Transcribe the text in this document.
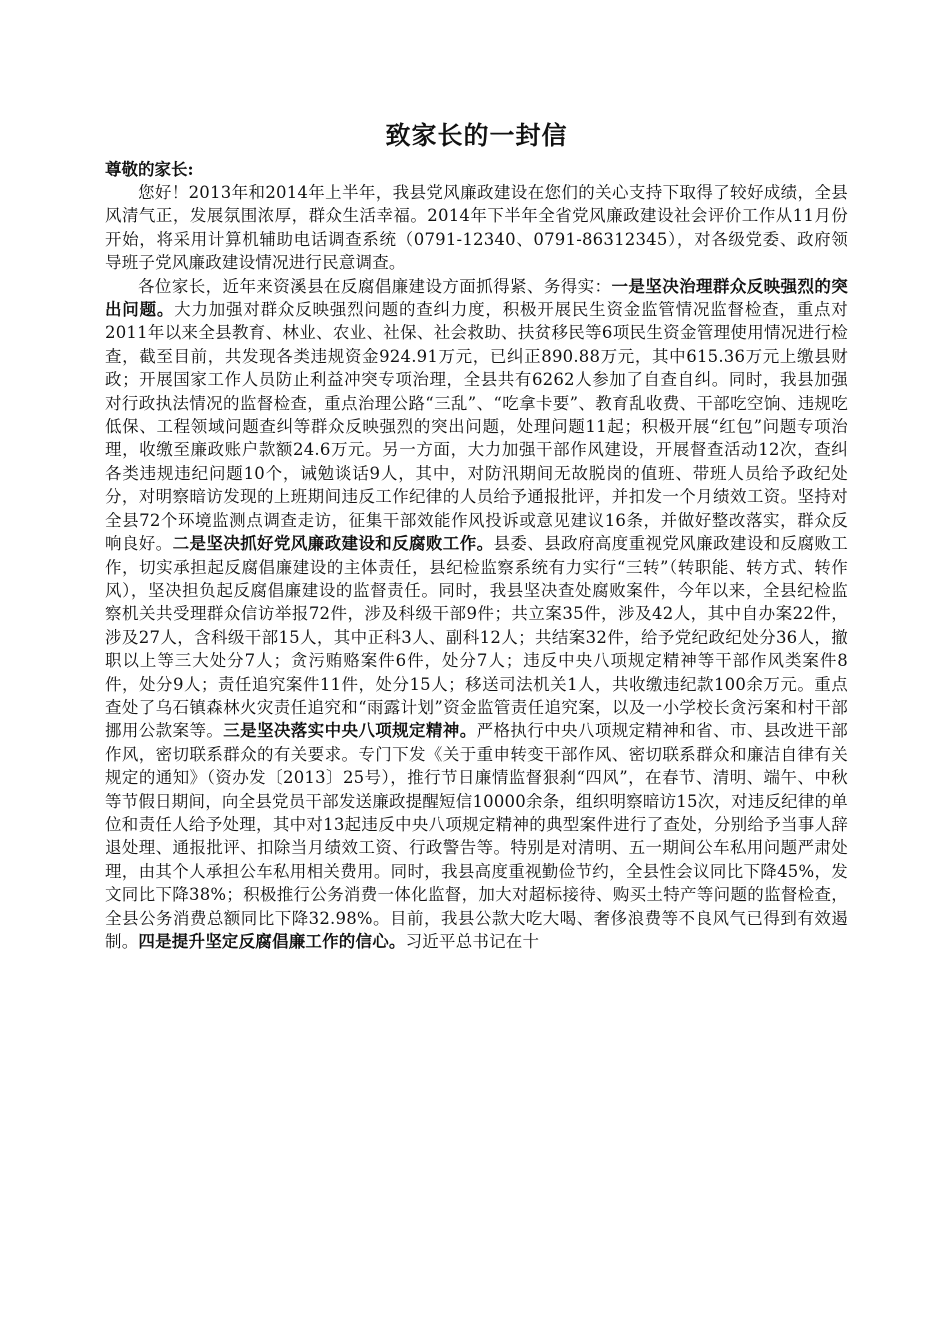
致家长的一封信

尊敬的家长:

您好！2013年和2014年上半年，我县党风廉政建设在您们的关心支持下取得了较好成绩，全县风清气正，发展氛围浓厚，群众生活幸福。2014年下半年全省党风廉政建设社会评价工作从11月份开始，将采用计算机辅助电话调查系统（0791-12340、0791-86312345），对各级党委、政府领导班子党风廉政建设情况进行民意调查。

各位家长，近年来资溪县在反腐倡廉建设方面抓得紧、务得实：一是坚决治理群众反映强烈的突出问题。大力加强对群众反映强烈问题的查纠力度，积极开展民生资金监管情况监督检查，重点对2011年以来全县教育、林业、农业、社保、社会救助、扶贫移民等6项民生资金管理使用情况进行检查，截至目前，共发现各类违规资金924.91万元，已纠正890.88万元，其中615.36万元上缴县财政；开展国家工作人员防止利益冲突专项治理，全县共有6262人参加了自查自纠。同时，我县加强对行政执法情况的监督检查，重点治理公路“三乱”、“吃拿卡要”、教育乱收费、干部吃空饷、违规吃低保、工程领域问题查纠等群众反映强烈的突出问题，处理问题11起；积极开展“红包”问题专项治理，收缴至廉政账户款额24.6万元。另一方面，大力加强干部作风建设，开展督查活动12次，查纠各类违规违纪问题10个，诫勉谈话9人，其中，对防汛期间无故脱岗的值班、带班人员给予政纪处分，对明察暗访发现的上班期间违反工作纪律的人员给予通报批评，并扣发一个月绩效工资。坚持对全县72个环境监测点调查走访，征集干部效能作风投诉或意见建议16条，并做好整改落实，群众反响良好。二是坚决抓好党风廉政建设和反腐败工作。县委、县政府高度重视党风廉政建设和反腐败工作，切实承担起反腐倡廉建设的主体责任，县纪检监察系统有力实行“三转”（转职能、转方式、转作风），坚决担负起反腐倡廉建设的监督责任。同时，我县坚决查处腐败案件，今年以来，全县纪检监察机关共受理群众信访举报72件，涉及科级干部9件；共立案35件，涉及42人，其中自办案22件，涉及27人，含科级干部15人，其中正科3人、副科12人；共结案32件，给予党纪政纪处分36人，撤职以上等三大处分7人；贪污贿赂案件6件，处分7人；违反中央八项规定精神等干部作风类案件8件，处分9人；责任追究案件11件，处分15人；移送司法机关1人，共收缴违纪款100余万元。重点查处了乌石镇森林火灾责任追究和“雨露计划”资金监管责任追究案，以及一小学校长贪污案和村干部挪用公款案等。三是坚决落实中央八项规定精神。严格执行中央八项规定精神和省、市、县改进干部作风，密切联系群众的有关要求。专门下发《关于重申转变干部作风、密切联系群众和廉洁自律有关规定的通知》（资办发〔2013〕25号），推行节日廉情监督狠刹“四风”，在春节、清明、端午、中秋等节假日期间，向全县党员干部发送廉政提醒短信10000余条，组织明察暗访15次，对违反纪律的单位和责任人给予处理，其中对13起违反中央八项规定精神的典型案件进行了查处，分别给予当事人辞退处理、通报批评、扣除当月绩效工资、行政警告等。特别是对清明、五一期间公车私用问题严肃处理，由其个人承担公车私用相关费用。同时，我县高度重视勤俭节约，全县性会议同比下降45%，发文同比下降38%；积极推行公务消费一体化监督，加大对超标接待、购买土特产等问题的监督检查，全县公务消费总额同比下降32.98%。目前，我县公款大吃大喝、奢侈浪费等不良风气已得到有效遏制。四是提升坚定反腐倡廉工作的信心。习近平总书记在十
